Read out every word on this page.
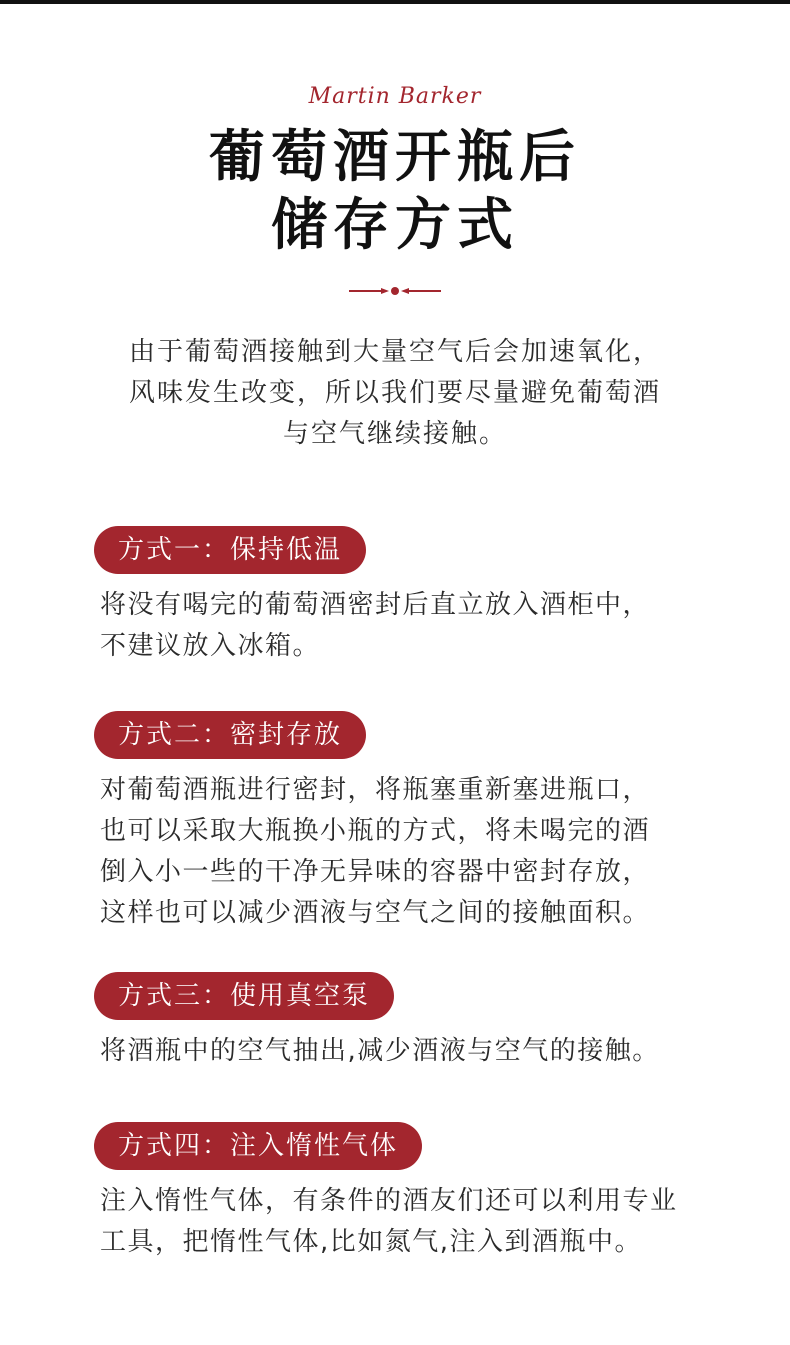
Martin Barker
葡萄酒开瓶后
储存方式
由于葡萄酒接触到大量空气后会加速氧化，
风味发生改变，所以我们要尽量避免葡萄酒
与空气继续接触。
方式一：保持低温
将没有喝完的葡萄酒密封后直立放入酒柜中，
不建议放入冰箱。
方式二：密封存放
对葡萄酒瓶进行密封，将瓶塞重新塞进瓶口，
也可以采取大瓶换小瓶的方式，将未喝完的酒
倒入小一些的干净无异味的容器中密封存放，
这样也可以减少酒液与空气之间的接触面积。
方式三：使用真空泵
将酒瓶中的空气抽出,减少酒液与空气的接触。
方式四：注入惰性气体
注入惰性气体，有条件的酒友们还可以利用专业
工具，把惰性气体,比如氮气,注入到酒瓶中。
